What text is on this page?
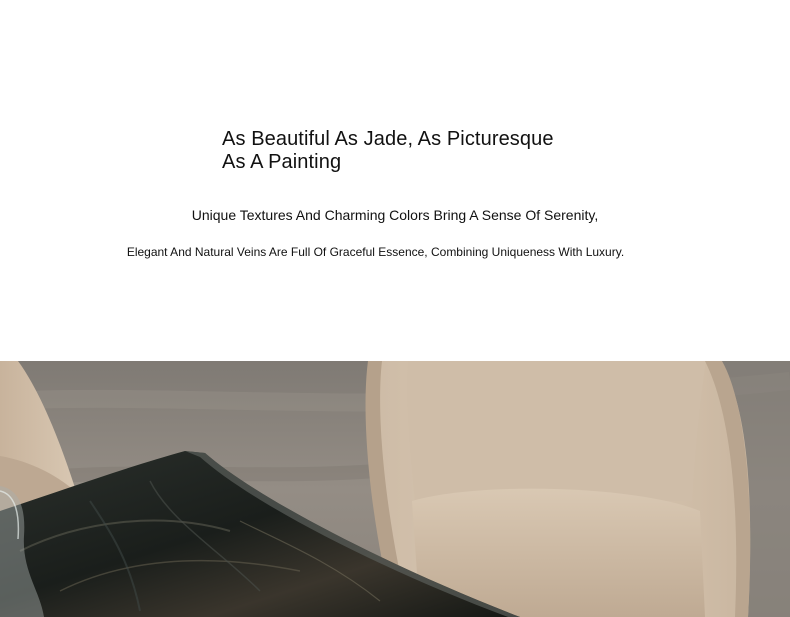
As Beautiful As Jade, As Picturesque
As A Painting
Unique Textures And Charming Colors Bring A Sense Of Serenity,
Elegant And Natural Veins Are Full Of Graceful Essence, Combining Uniqueness With Luxury.
